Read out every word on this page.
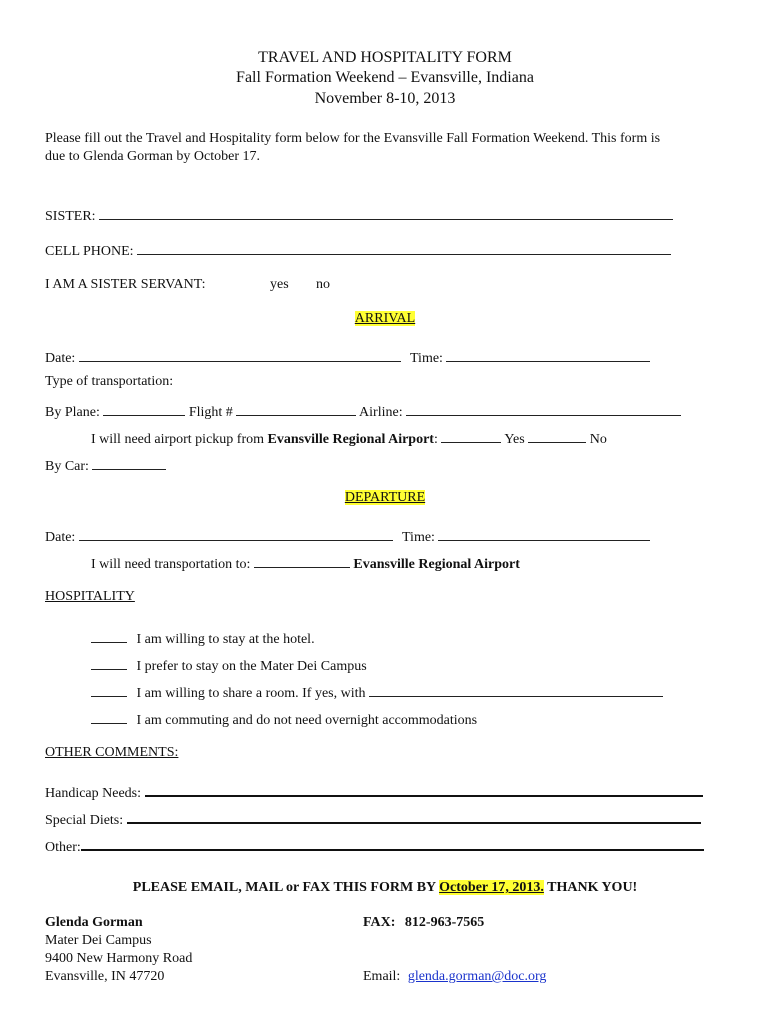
TRAVEL AND HOSPITALITY FORM
Fall Formation Weekend – Evansville, Indiana
November 8-10, 2013
Please fill out the Travel and Hospitality form below for the Evansville Fall Formation Weekend. This form is
due to Glenda Gorman by October 17.
SISTER:
CELL PHONE:
I AM A SISTER SERVANT:	yes no
ARRIVAL
Date:	Time:
Type of transportation:
By Plane:	Flight #	Airline:
I will need airport pickup from Evansville Regional Airport:	Yes	No
By Car:
DEPARTURE
Date:	Time:
I will need transportation to:	Evansville Regional Airport
HOSPITALITY
I am willing to stay at the hotel.
I prefer to stay on the Mater Dei Campus
I am willing to share a room. If yes, with
I am commuting and do not need overnight accommodations
OTHER COMMENTS:
Handicap Needs:
Special Diets:
Other:
PLEASE EMAIL, MAIL or FAX THIS FORM BY October 17, 2013. THANK YOU!
Glenda Gorman
Mater Dei Campus
9400 New Harmony Road
Evansville, IN 47720
FAX: 812-963-7565
Email: glenda.gorman@doc.org
